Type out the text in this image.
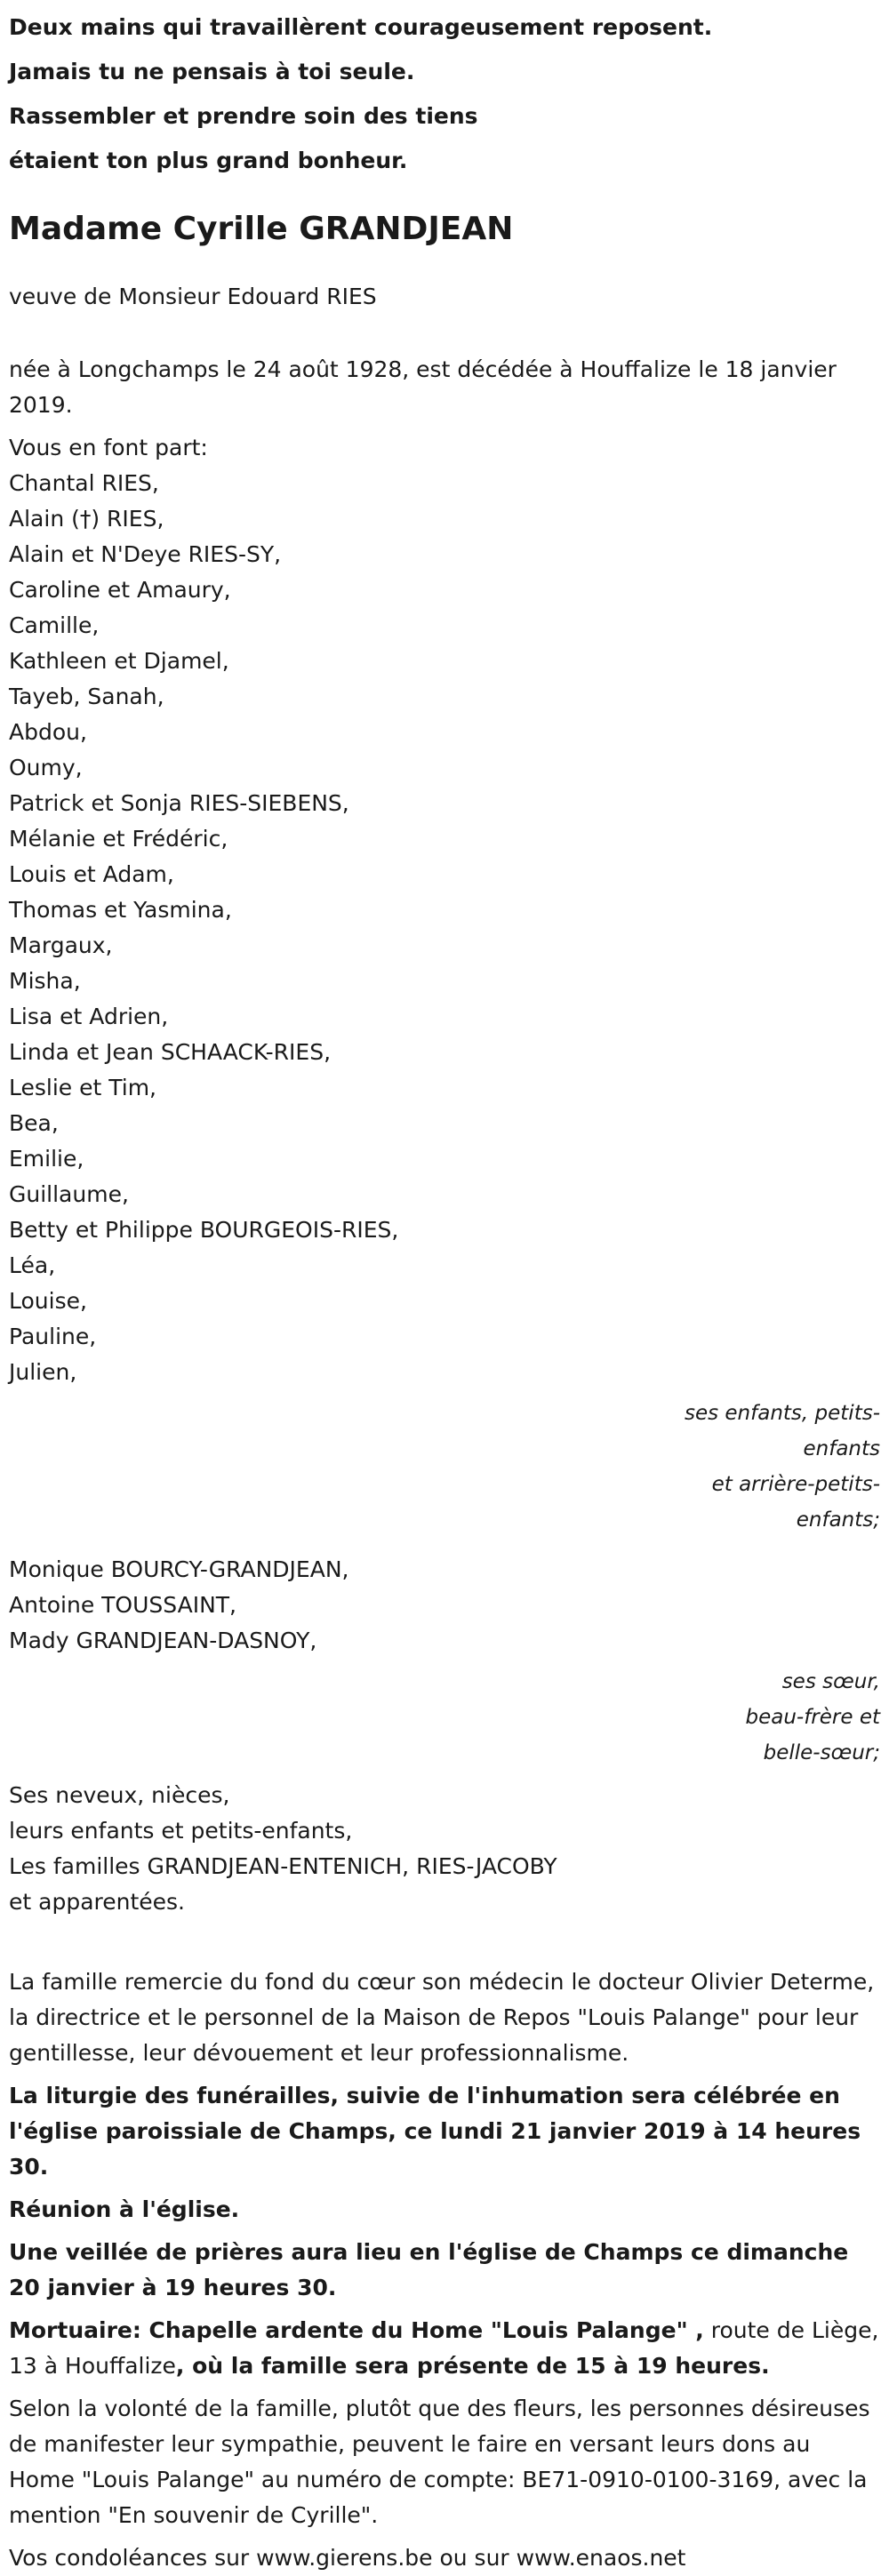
Deux mains qui travaillèrent courageusement reposent.
Jamais tu ne pensais à toi seule.
Rassembler et prendre soin des tiens
étaient ton plus grand bonheur.
Madame Cyrille GRANDJEAN
veuve de Monsieur Edouard RIES
née à Longchamps le 24 août 1928, est décédée à Houffalize le 18 janvier 2019.
Vous en font part:
Chantal RIES,
Alain (†) RIES,
Alain et N'Deye RIES-SY,
Caroline et Amaury,
Camille,
Kathleen et Djamel,
Tayeb, Sanah,
Abdou,
Oumy,
Patrick et Sonja RIES-SIEBENS,
Mélanie et Frédéric,
Louis et Adam,
Thomas et Yasmina,
Margaux,
Misha,
Lisa et Adrien,
Linda et Jean SCHAACK-RIES,
Leslie et Tim,
Bea,
Emilie,
Guillaume,
Betty et Philippe BOURGEOIS-RIES,
Léa,
Louise,
Pauline,
Julien,
ses enfants, petits-
enfants
et arrière-petits-
enfants;
Monique BOURCY-GRANDJEAN,
Antoine TOUSSAINT,
Mady GRANDJEAN-DASNOY,
ses sœur,
beau-frère et
belle-sœur;
Ses neveux, nièces,
leurs enfants et petits-enfants,
Les familles GRANDJEAN-ENTENICH, RIES-JACOBY
et apparentées.
La famille remercie du fond du cœur son médecin le docteur Olivier Determe, la directrice et le personnel de la Maison de Repos "Louis Palange" pour leur gentillesse, leur dévouement et leur professionnalisme.
La liturgie des funérailles, suivie de l'inhumation sera célébrée en l'église paroissiale de Champs, ce lundi 21 janvier 2019 à 14 heures 30.
Réunion à l'église.
Une veillée de prières aura lieu en l'église de Champs ce dimanche 20 janvier à 19 heures 30.
Mortuaire: Chapelle ardente du Home "Louis Palange" , route de Liège, 13 à Houffalize, où la famille sera présente de 15 à 19 heures.
Selon la volonté de la famille, plutôt que des fleurs, les personnes désireuses de manifester leur sympathie, peuvent le faire en versant leurs dons au Home "Louis Palange" au numéro de compte: BE71-0910-0100-3169, avec la mention "En souvenir de Cyrille".
Vos condoléances sur www.gierens.be ou sur www.enaos.net
